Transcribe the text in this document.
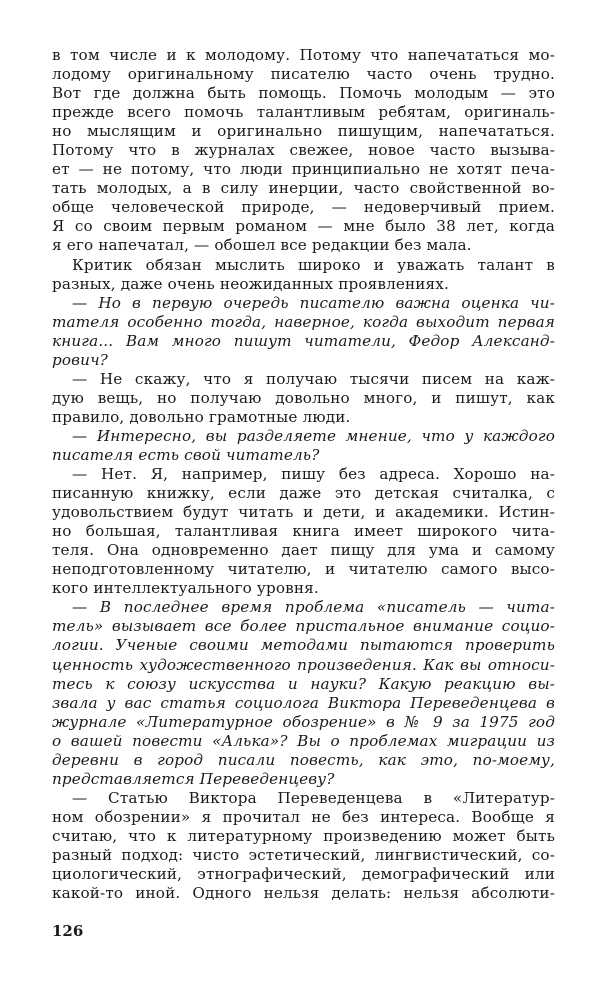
в том числе и к молодому. Потому что напечататься мо-
лодому оригинальному писателю часто очень трудно.
Вот где должна быть помощь. Помочь молодым — это
прежде всего помочь талантливым ребятам, оригиналь-
но мыслящим и оригинально пишущим, напечататься.
Потому что в журналах свежее, новое часто вызыва-
ет — не потому, что люди принципиально не хотят печа-
тать молодых, а в силу инерции, часто свойственной во-
обще человеческой природе, — недоверчивый прием.
Я со своим первым романом — мне было 38 лет, когда
я его напечатал, — обошел все редакции без мала.
Критик обязан мыслить широко и уважать талант в
разных, даже очень неожиданных проявлениях.
— Но в первую очередь писателю важна оценка чи-
тателя особенно тогда, наверное, когда выходит первая
книга... Вам много пишут читатели, Федор Александ-
рович?
— Не скажу, что я получаю тысячи писем на каж-
дую вещь, но получаю довольно много, и пишут, как
правило, довольно грамотные люди.
— Интересно, вы разделяете мнение, что у каждого
писателя есть свой читатель?
— Нет. Я, например, пишу без адреса. Хорошо на-
писанную книжку, если даже это детская считалка, с
удовольствием будут читать и дети, и академики. Истин-
но большая, талантливая книга имеет широкого чита-
теля. Она одновременно дает пищу для ума и самому
неподготовленному читателю, и читателю самого высо-
кого интеллектуального уровня.
— В последнее время проблема «писатель — чита-
тель» вызывает все более пристальное внимание социо-
логии. Ученые своими методами пытаются проверить
ценность художественного произведения. Как вы относи-
тесь к союзу искусства и науки? Какую реакцию вы-
звала у вас статья социолога Виктора Переведенцева в
журнале «Литературное обозрение» в № 9 за 1975 год
о вашей повести «Алька»? Вы о проблемах миграции из
деревни в город писали повесть, как это, по-моему,
представляется Переведенцеву?
— Статью Виктора Переведенцева в «Литератур-
ном обозрении» я прочитал не без интереса. Вообще я
считаю, что к литературному произведению может быть
разный подход: чисто эстетический, лингвистический, со-
циологический, этнографический, демографический или
какой-то иной. Одного нельзя делать: нельзя абсолюти-
126
